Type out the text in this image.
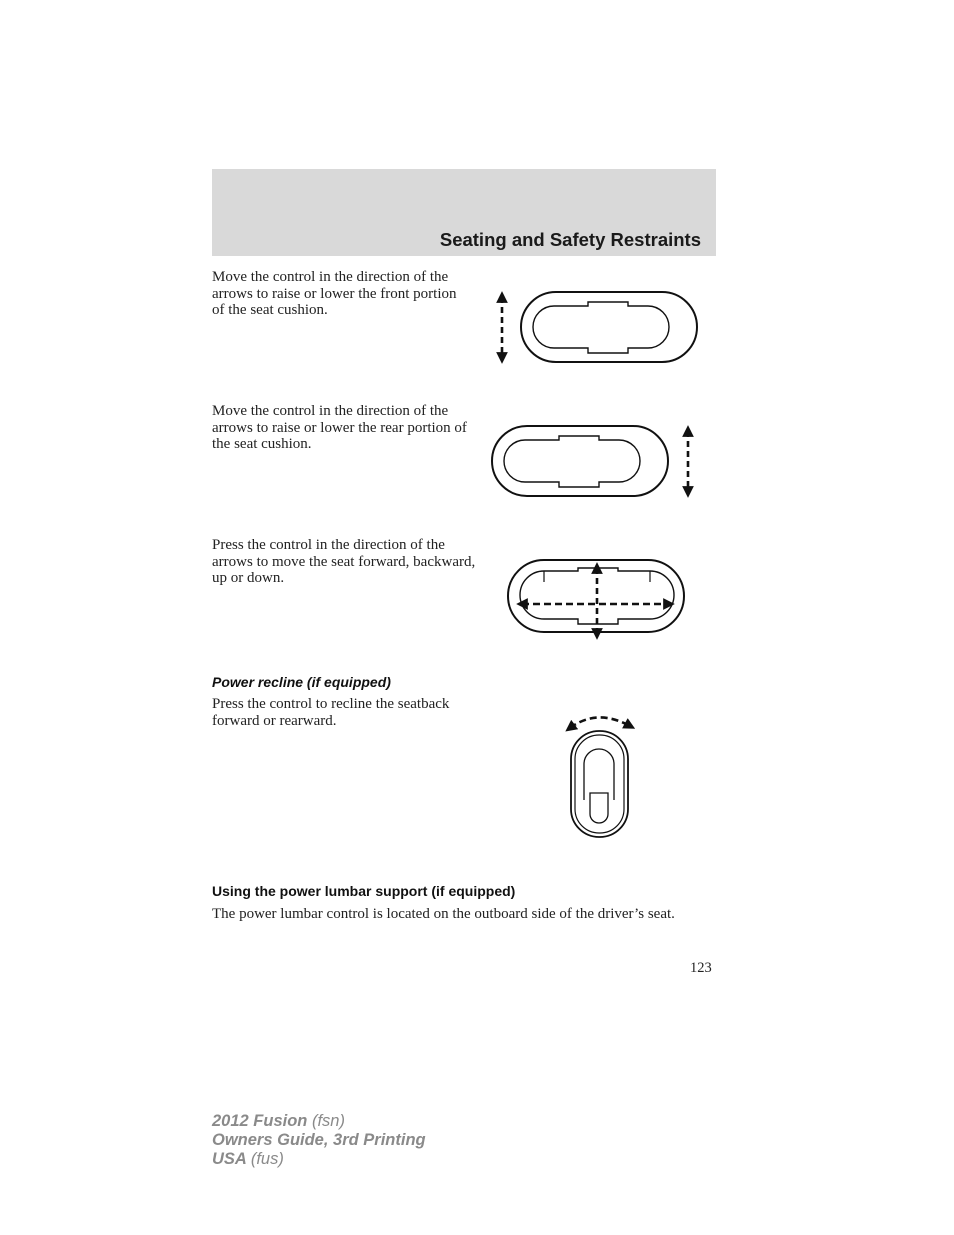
Seating and Safety Restraints
Move the control in the direction of the arrows to raise or lower the front portion of the seat cushion.
Move the control in the direction of the arrows to raise or lower the rear portion of the seat cushion.
Press the control in the direction of the arrows to move the seat forward, backward, up or down.
Power recline (if equipped)
Press the control to recline the seatback forward or rearward.
Using the power lumbar support (if equipped)
The power lumbar control is located on the outboard side of the driver’s seat.
123
2012 Fusion (fsn)
Owners Guide, 3rd Printing
USA (fus)
